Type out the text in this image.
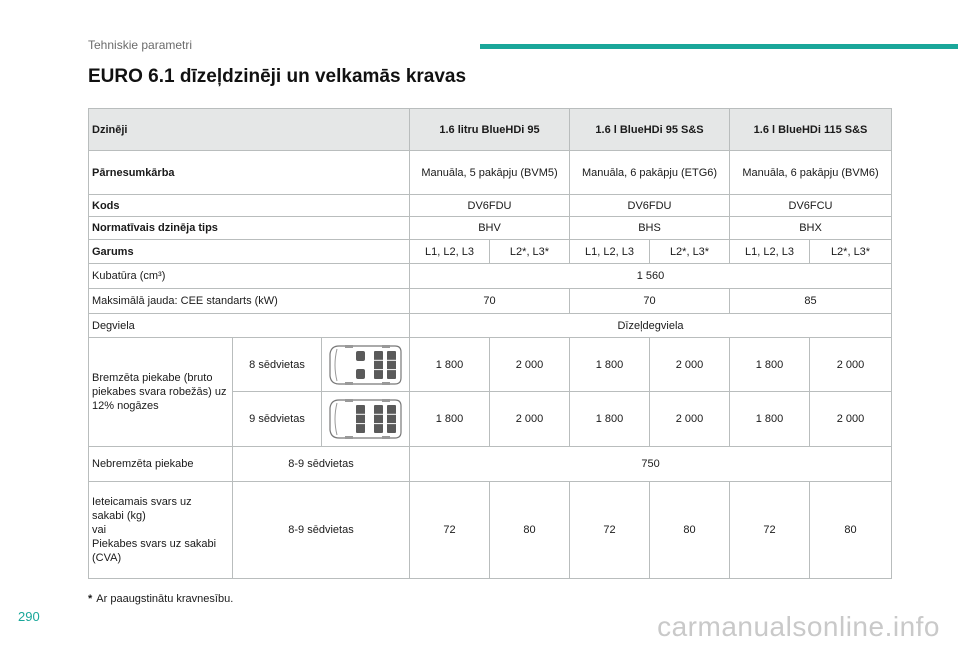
Tehniskie parametri
EURO 6.1 dīzeļdzinēji un velkamās kravas
Dzinēji			1.6 litru BlueHDi 95		1.6 l BlueHDi 95 S&S		1.6 l BlueHDi 115 S&S	
Pārnesumkārba			Manuāla, 5 pakāpju (BVM5)		Manuāla, 6 pakāpju (ETG6)		Manuāla, 6 pakāpju (BVM6)	
Kods			DV6FDU		DV6FDU		DV6FCU	
Normatīvais dzinēja tips			BHV		BHS		BHX	
Garums			L1, L2, L3	L2*, L3*	L1, L2, L3	L2*, L3*	L1, L2, L3	L2*, L3*
Kubatūra (cm³)			1 560					
Maksimālā jauda: CEE standarts (kW)			70		70		85	
Degviela			Dīzeļdegviela					
Bremzēta piekabe (bruto piekabes svara robežās) uz 12% nogāzes	8 sēdvietas		1 800	2 000	1 800	2 000	1 800	2 000
	9 sēdvietas		1 800	2 000	1 800	2 000	1 800	2 000
Nebremzēta piekabe	8-9 sēdvietas		750					
Ieteicamais svars uz
sakabi (kg)
vai
Piekabes svars uz sakabi
(CVA)	8-9 sēdvietas		72	80	72	80	72	80
* Ar paaugstinātu kravnesību.
290	carmanualsonline.info
